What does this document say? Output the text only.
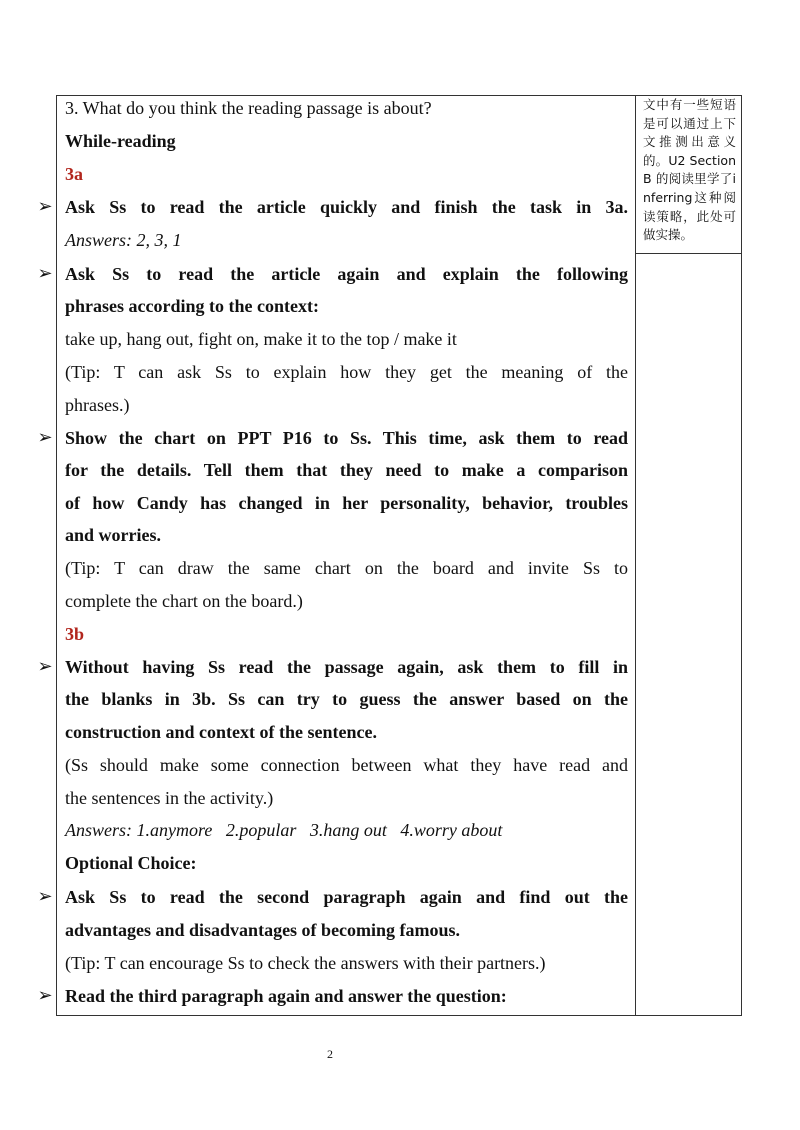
3. What do you think the reading passage is about?
While-reading
3a
➢ Ask Ss to read the article quickly and finish the task in 3a.
Answers: 2, 3, 1
➢ Ask Ss to read the article again and explain the following
phrases according to the context:
take up, hang out, fight on, make it to the top / make it
(Tip: T can ask Ss to explain how they get the meaning of the
phrases.)
➢ Show the chart on PPT P16 to Ss. This time, ask them to read
for the details. Tell them that they need to make a comparison
of how Candy has changed in her personality, behavior, troubles
and worries.
(Tip: T can draw the same chart on the board and invite Ss to
complete the chart on the board.)
3b
➢ Without having Ss read the passage again, ask them to fill in
the blanks in 3b. Ss can try to guess the answer based on the
construction and context of the sentence.
(Ss should make some connection between what they have read and
the sentences in the activity.)
Answers: 1.anymore   2.popular   3.hang out   4.worry about
Optional Choice:
➢ Ask Ss to read the second paragraph again and find out the
advantages and disadvantages of becoming famous.
(Tip: T can encourage Ss to check the answers with their partners.)
➢ Read the third paragraph again and answer the question:
文中有一些短语是可以通过上下文推测出意义的。U2 Section B 的阅读里学了inferring这种阅读策略，此处可做实操。
2
